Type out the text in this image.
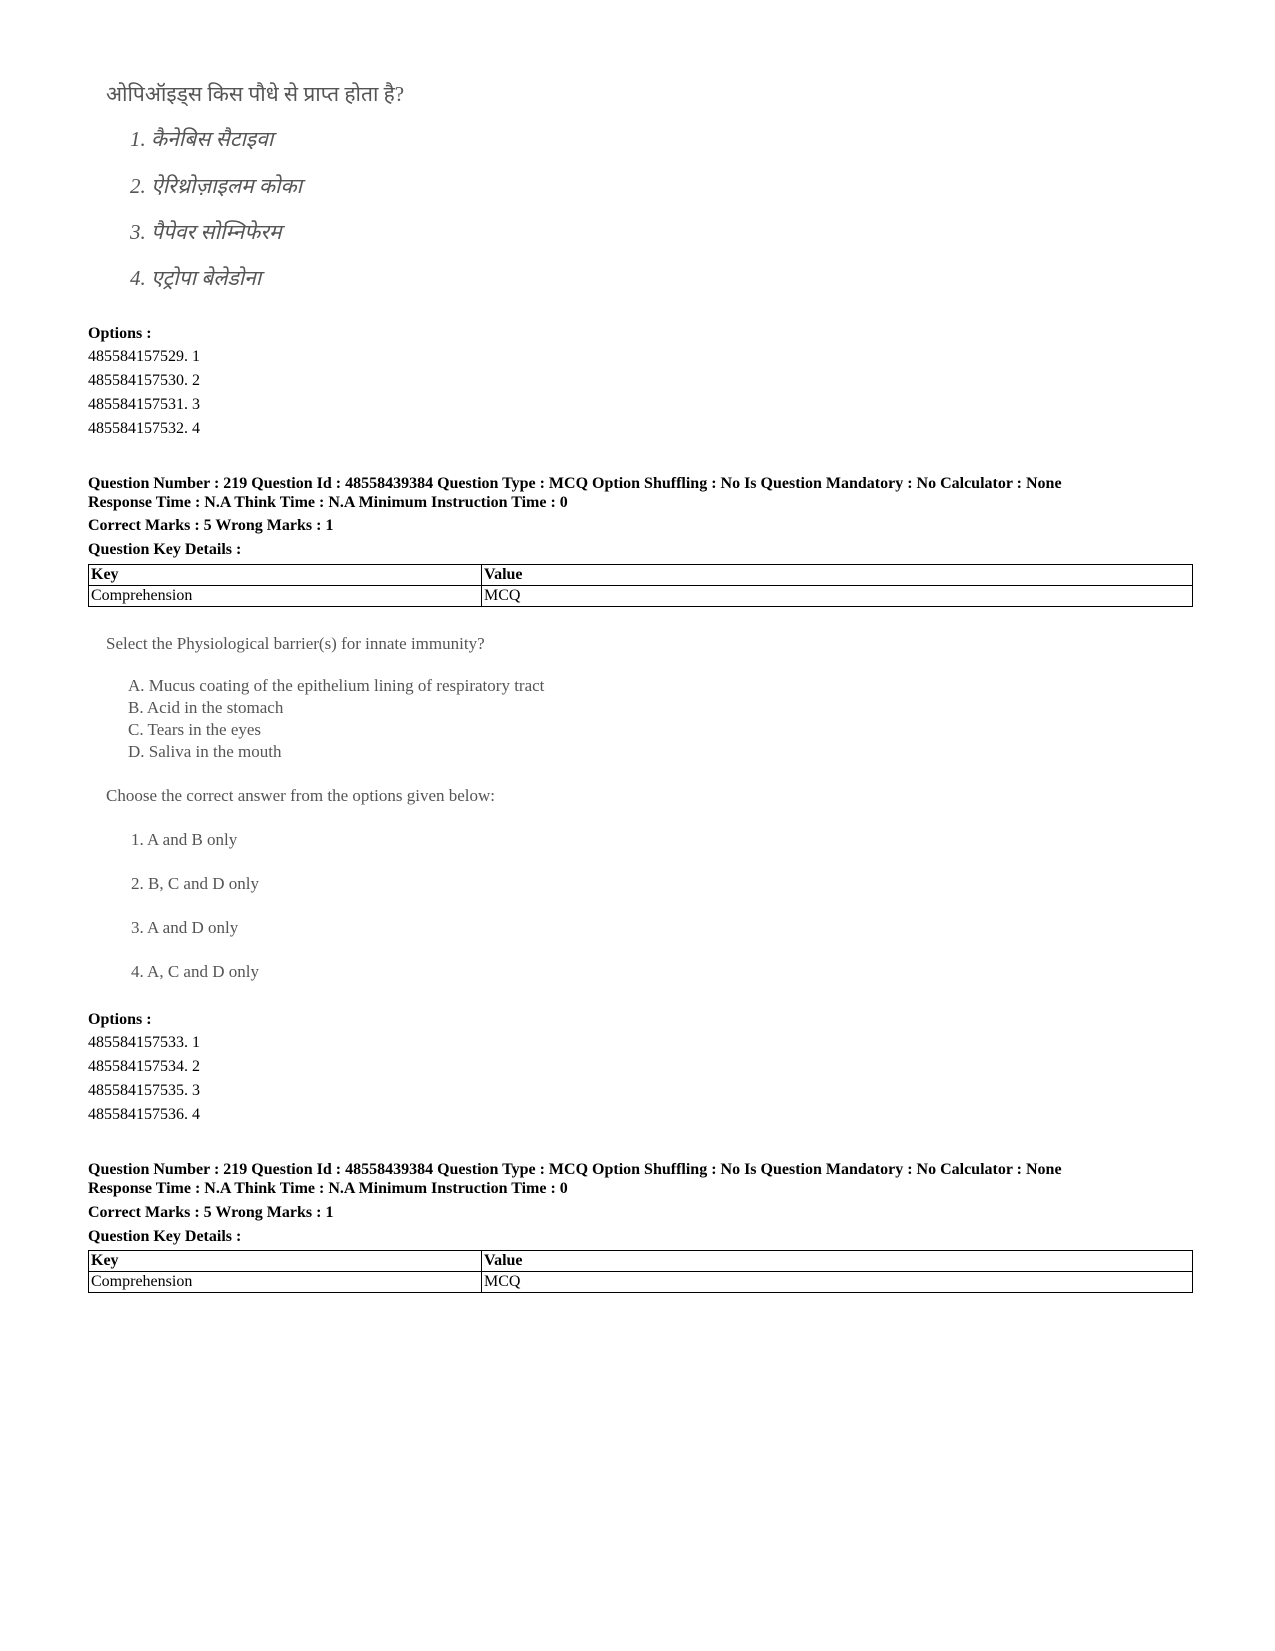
ओपिऑइड्स किस पौधे से प्राप्त होता है?
1. कैनेबिस सैटाइवा
2. ऐरिथ्रोज़ाइलम कोका
3. पैपेवर सोम्निफेरम
4. एट्रोपा बेलेडोना
Options :
485584157529. 1
485584157530. 2
485584157531. 3
485584157532. 4
Question Number : 219 Question Id : 48558439384 Question Type : MCQ Option Shuffling : No Is Question Mandatory : No Calculator : None
Response Time : N.A Think Time : N.A Minimum Instruction Time : 0
Correct Marks : 5 Wrong Marks : 1
Question Key Details :
Key	Value
Comprehension	MCQ
Select the Physiological barrier(s) for innate immunity?
A. Mucus coating of the epithelium lining of respiratory tract
B. Acid in the stomach
C. Tears in the eyes
D. Saliva in the mouth
Choose the correct answer from the options given below:
1. A and B only
2. B, C and D only
3. A and D only
4. A, C and D only
Options :
485584157533. 1
485584157534. 2
485584157535. 3
485584157536. 4
Question Number : 219 Question Id : 48558439384 Question Type : MCQ Option Shuffling : No Is Question Mandatory : No Calculator : None
Response Time : N.A Think Time : N.A Minimum Instruction Time : 0
Correct Marks : 5 Wrong Marks : 1
Question Key Details :
Key	Value
Comprehension	MCQ
